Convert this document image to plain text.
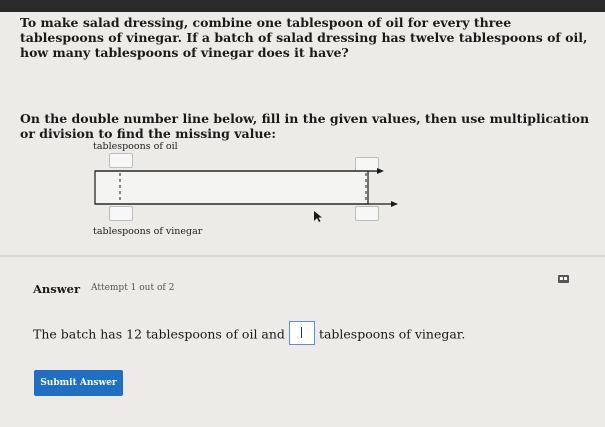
To make salad dressing, combine one tablespoon of oil for every three tablespoons of vinegar. If a batch of salad dressing has twelve tablespoons of oil, how many tablespoons of vinegar does it have?
On the double number line below, fill in the given values, then use multiplication or division to find the missing value:
tablespoons of oil
tablespoons of vinegar
Answer Attempt 1 out of 2
▪▪
The batch has 12 tablespoons of oil and	tablespoons of vinegar.
Submit Answer
